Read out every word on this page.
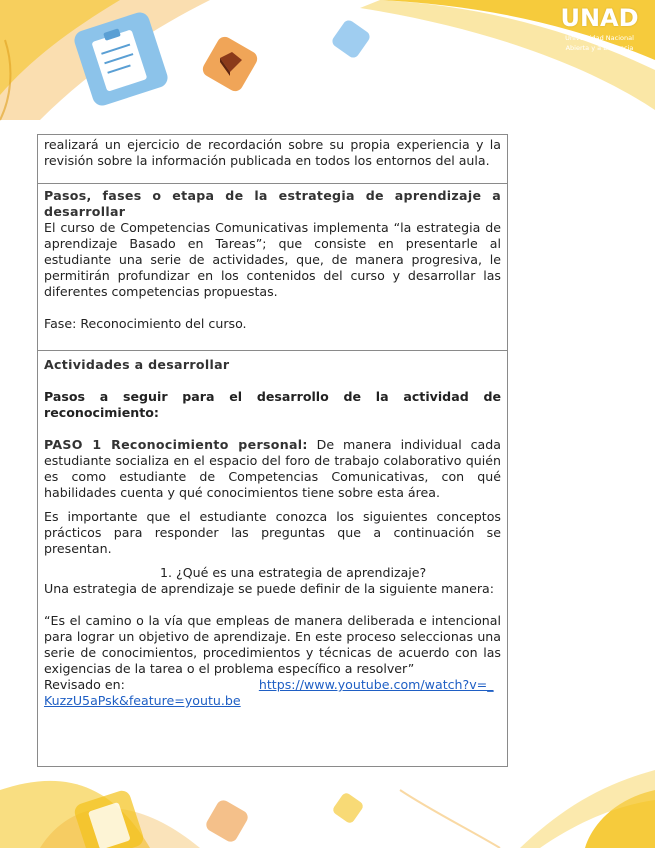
UNAD
Universidad Nacional
Abierta y a Distancia

realizará un ejercicio de recordación sobre su propia experiencia y la revisión sobre la información publicada en todos los entornos del aula.

Pasos, fases o etapa de la estrategia de aprendizaje a desarrollar

El curso de Competencias Comunicativas implementa “la estrategia de aprendizaje Basado en Tareas”; que consiste en presentarle al estudiante una serie de actividades, que, de manera progresiva, le permitirán profundizar en los contenidos del curso y desarrollar las diferentes competencias propuestas.

Fase: Reconocimiento del curso.

Actividades a desarrollar

Pasos a seguir para el desarrollo de la actividad de reconocimiento:

PASO 1 Reconocimiento personal: De manera individual cada estudiante socializa en el espacio del foro de trabajo colaborativo quién es como estudiante de Competencias Comunicativas, con qué habilidades cuenta y qué conocimientos tiene sobre esta área.

Es importante que el estudiante conozca los siguientes conceptos prácticos para responder las preguntas que a continuación se presentan.

1. ¿Qué es una estrategia de aprendizaje?

Una estrategia de aprendizaje se puede definir de la siguiente manera:

“Es el camino o la vía que empleas de manera deliberada e intencional para lograr un objetivo de aprendizaje. En este proceso seleccionas una serie de conocimientos, procedimientos y técnicas de acuerdo con las exigencias de la tarea o el problema específico a resolver”

Revisado en:	https://www.youtube.com/watch?v=_KuzzU5aPsk&feature=youtu.be
